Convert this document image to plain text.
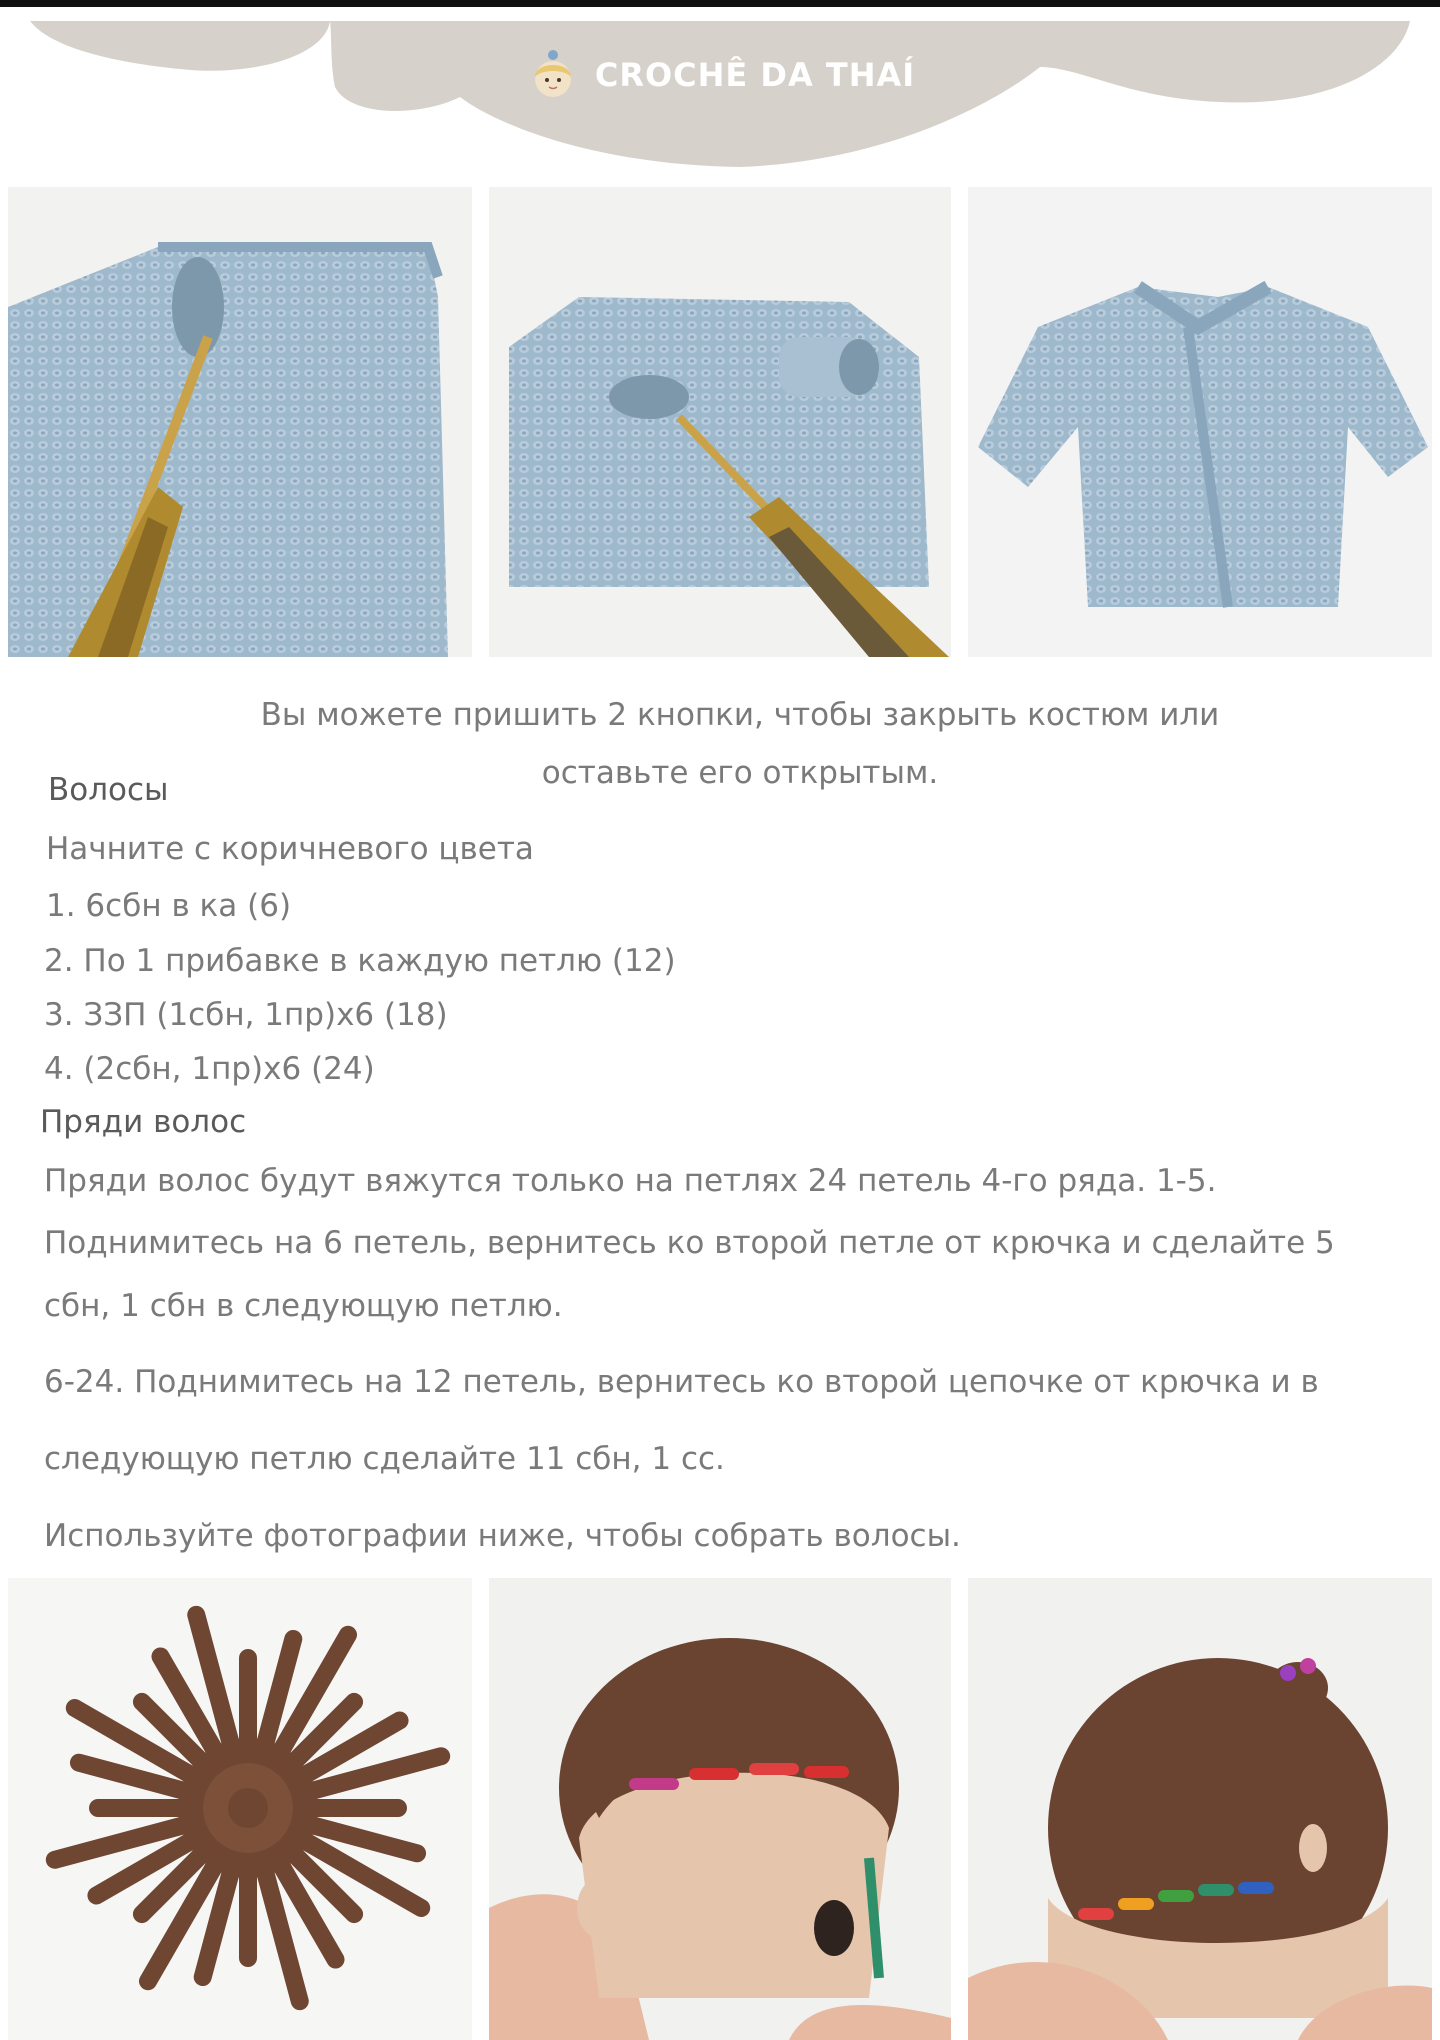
CROCHÊ DA THAÍ
Вы можете пришить 2 кнопки, чтобы закрыть костюм или
оставьте его открытым.
Волосы
Начните с коричневого цвета
1. 6сбн в ка (6)
2. По 1 прибавке в каждую петлю (12)
3. ЗЗП (1сбн, 1пр)х6 (18)
4. (2сбн, 1пр)х6 (24)
Пряди волос
Пряди волос будут вяжутся только на петлях 24 петель 4-го ряда. 1-5.
Поднимитесь на 6 петель, вернитесь ко второй петле от крючка и сделайте 5
сбн, 1 сбн в следующую петлю.
6-24. Поднимитесь на 12 петель, вернитесь ко второй цепочке от крючка и в
следующую петлю сделайте 11 сбн, 1 сс.
Используйте фотографии ниже, чтобы собрать волосы.
